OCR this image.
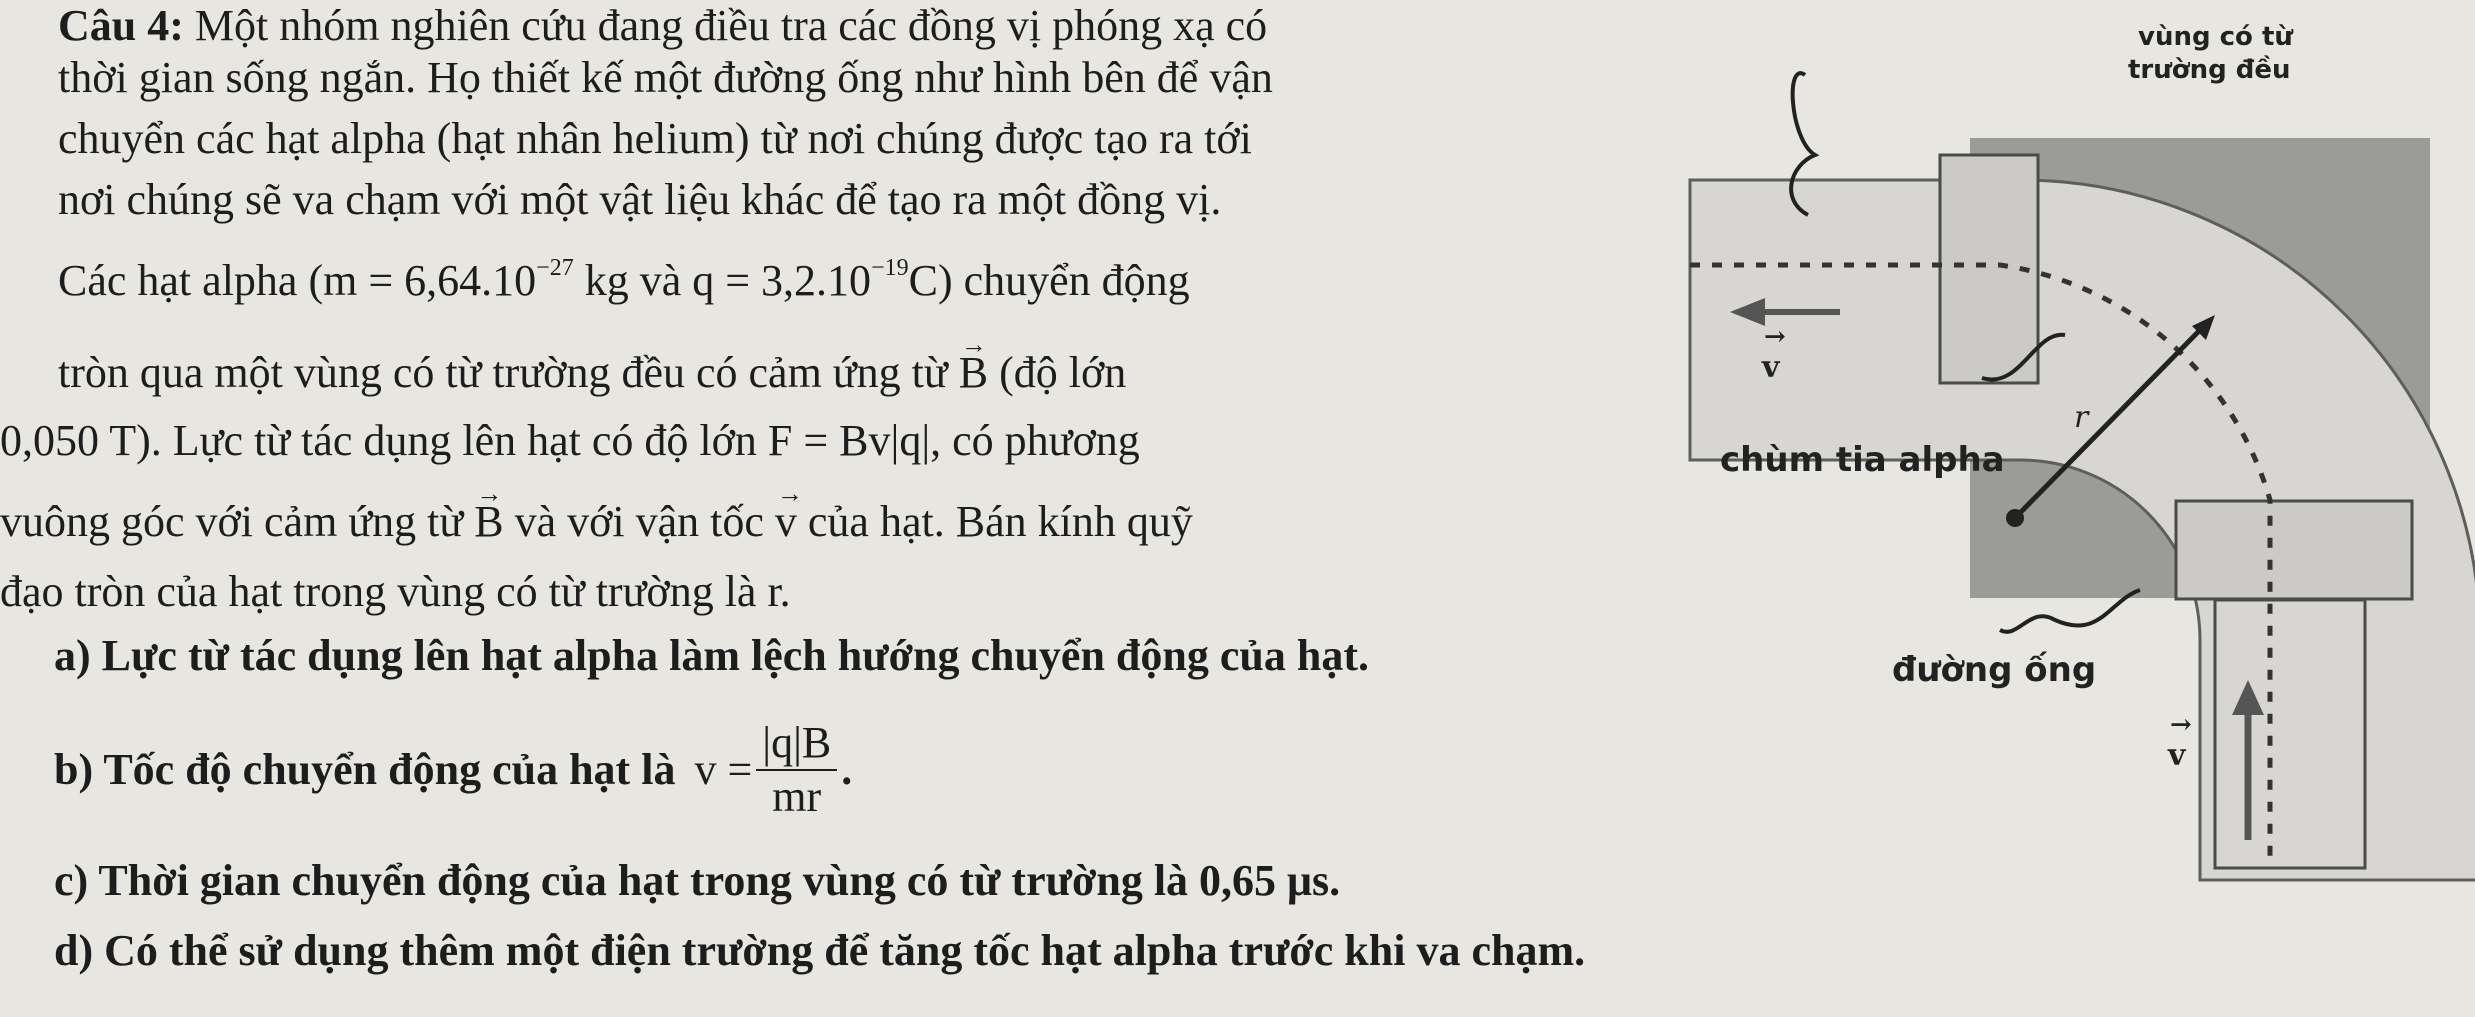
Câu 4: Một nhóm nghiên cứu đang điều tra các đồng vị phóng xạ có
thời gian sống ngắn. Họ thiết kế một đường ống như hình bên để vận
chuyển các hạt alpha (hạt nhân helium) từ nơi chúng được tạo ra tới
nơi chúng sẽ va chạm với một vật liệu khác để tạo ra một đồng vị.
Các hạt alpha ($m = 6,64.10^{-27}$ kg và $q = 3,2.10^{-19}C$) chuyển động
tròn qua một vùng có từ trường đều có cảm ứng từ → B (độ lớn
0,050 T). Lực từ tác dụng lên hạt có độ lớn F = Bv|q|, có phương
vuông góc với cảm ứng từ → B và với vận tốc → v của hạt. Bán kính quỹ
đạo tròn của hạt trong vùng có từ trường là r.
a) Lực từ tác dụng lên hạt alpha làm lệch hướng chuyển động của hạt.
b) Tốc độ chuyển động của hạt là $v = \frac{|q|B}{mr}$ .
c) Thời gian chuyển động của hạt trong vùng có từ trường là 0,65 μs.
d) Có thể sử dụng thêm một điện trường để tăng tốc hạt alpha trước khi va chạm.
vùng có từ
trường đều
→ v
r
chùm tia alpha
đường ống
→ v
